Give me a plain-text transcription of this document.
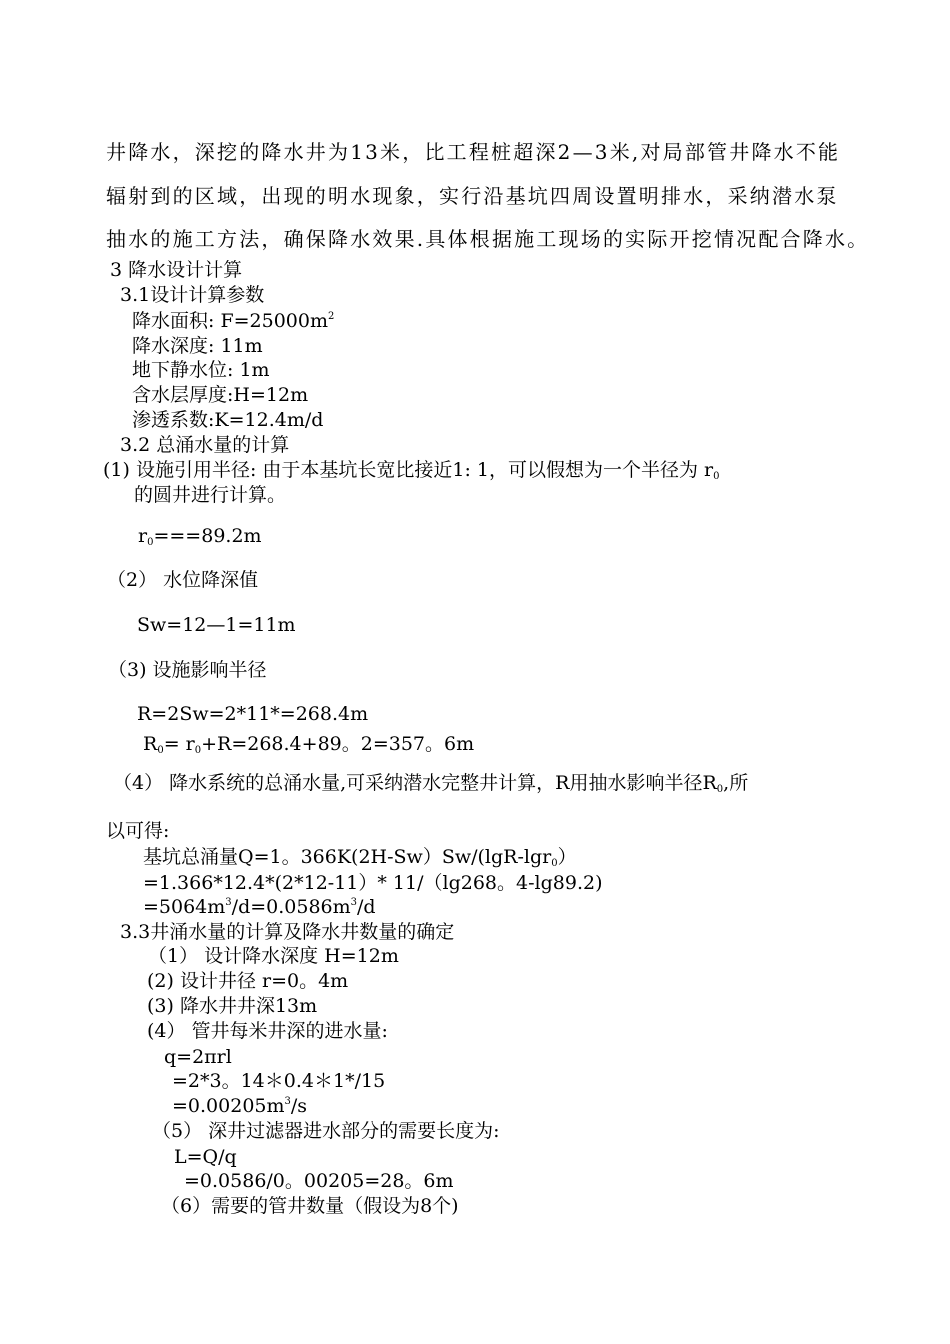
井降水，深挖的降水井为13米，比工程桩超深2—3米,对局部管井降水不能
辐射到的区域，出现的明水现象，实行沿基坑四周设置明排水，采纳潜水泵
抽水的施工方法，确保降水效果.具体根据施工现场的实际开挖情况配合降水。
3 降水设计计算
3.1设计计算参数
降水面积: $F=25000m^2$
降水深度: 11m
地下静水位: 1m
含水层厚度:H=12m
渗透系数:K=12.4m/d
3.2 总涌水量的计算
(1) 设施引用半径: 由于本基坑长宽比接近1: 1，可以假想为一个半径为 $r_0$
的圆井进行计算。
$r_0===89.2m$
（2） 水位降深值
Sw=12—1=11m
（3) 设施影响半径
R=2Sw=2*11*=268.4m
$R_0= r_0+R=268.4+89$。2=357。6m
（4） 降水系统的总涌水量,可采纳潜水完整井计算，R用抽水影响半径$R_0$,所
以可得:
基坑总涌量Q=1。366K(2H-Sw）Sw/(lgR-lgr$_0$）
=1.366*12.4*(2*12-11）* 11/（lg268。4-lg89.2)
$=5064m^3/d=0.0586m^3/d$
3.3井涌水量的计算及降水井数量的确定
（1） 设计降水深度 H=12m
(2) 设计井径 r=0。4m
(3) 降水井井深13m
(4） 管井每米井深的进水量:
q=2πrl
=2*3。14＊0.4＊1*/15
$=0.00205m^3/s$
（5） 深井过滤器进水部分的需要长度为:
L=Q/q
=0.0586/0。00205=28。6m
（6）需要的管井数量（假设为8个)
